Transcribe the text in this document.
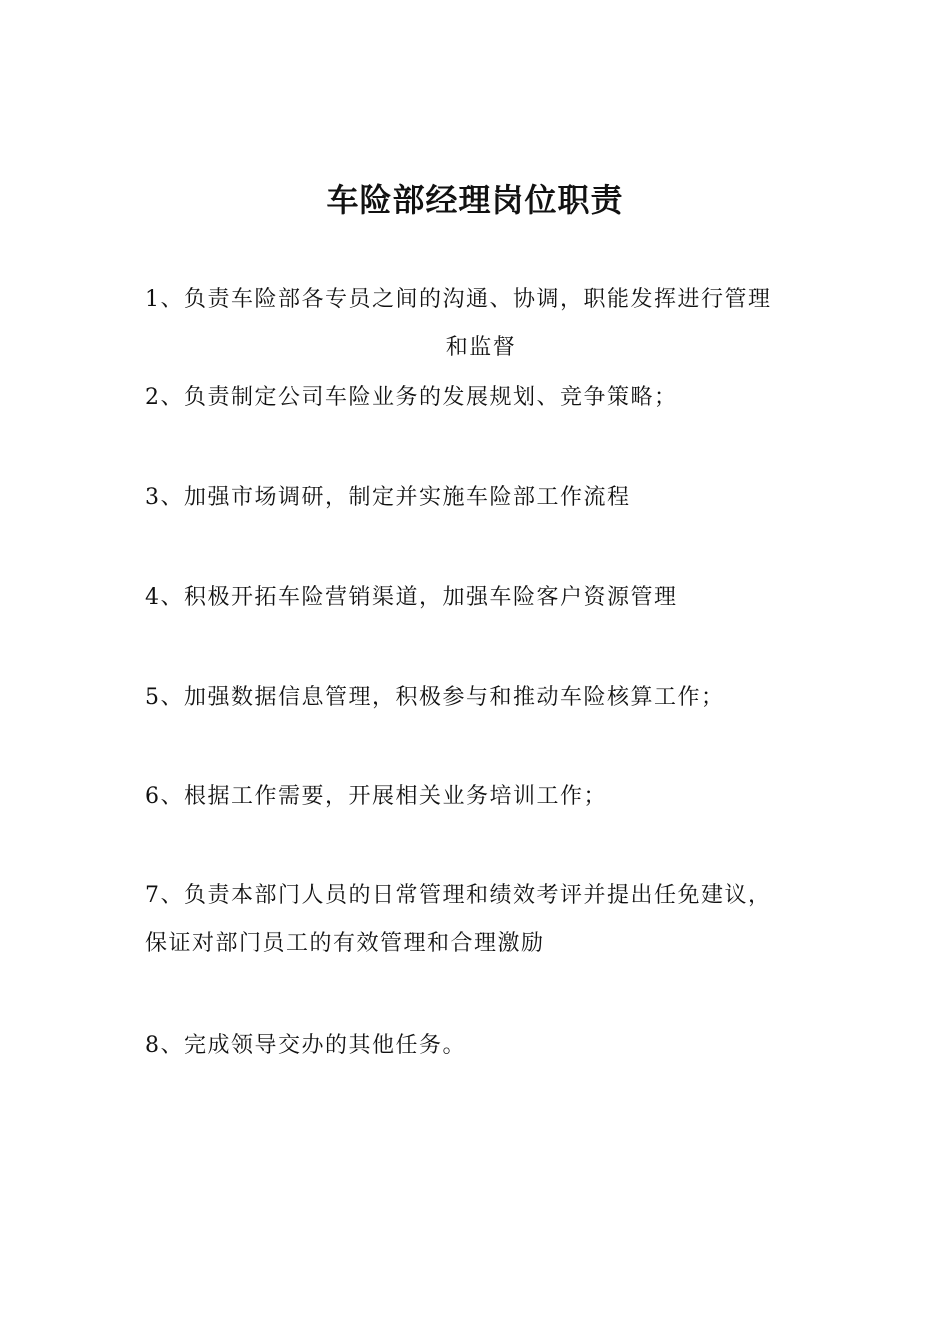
车险部经理岗位职责
1、负责车险部各专员之间的沟通、协调，职能发挥进行管理
和监督
2、负责制定公司车险业务的发展规划、竞争策略；
3、加强市场调研，制定并实施车险部工作流程
4、积极开拓车险营销渠道，加强车险客户资源管理
5、加强数据信息管理，积极参与和推动车险核算工作；
6、根据工作需要，开展相关业务培训工作；
7、负责本部门人员的日常管理和绩效考评并提出任免建议，
保证对部门员工的有效管理和合理激励
8、完成领导交办的其他任务。
